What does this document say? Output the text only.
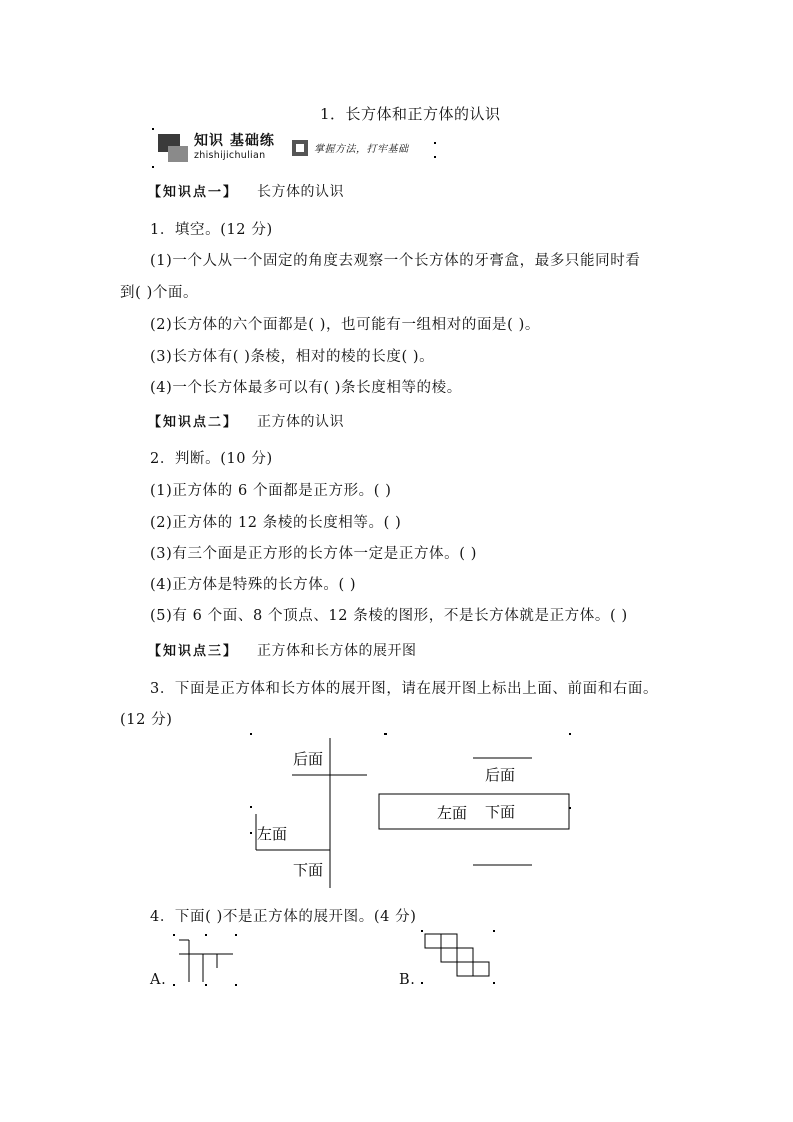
1．长方体和正方体的认识
知识 基础练
zhishijichulian
掌握方法，打牢基础
【知识点一】 长方体的认识
1．填空。(12 分)
(1)一个人从一个固定的角度去观察一个长方体的牙膏盒，最多只能同时看
到( )个面。
(2)长方体的六个面都是( )，也可能有一组相对的面是( )。
(3)长方体有( )条棱，相对的棱的长度( )。
(4)一个长方体最多可以有( )条长度相等的棱。
【知识点二】 正方体的认识
2．判断。(10 分)
(1)正方体的 6 个面都是正方形。( )
(2)正方体的 12 条棱的长度相等。( )
(3)有三个面是正方形的长方体一定是正方体。( )
(4)正方体是特殊的长方体。( )
(5)有 6 个面、8 个顶点、12 条棱的图形，不是长方体就是正方体。( )
【知识点三】 正方体和长方体的展开图
3．下面是正方体和长方体的展开图，请在展开图上标出上面、前面和右面。
(12 分)
后面
左面
下面
后面
左面 下面
4．下面( )不是正方体的展开图。(4 分)
A.	B.
